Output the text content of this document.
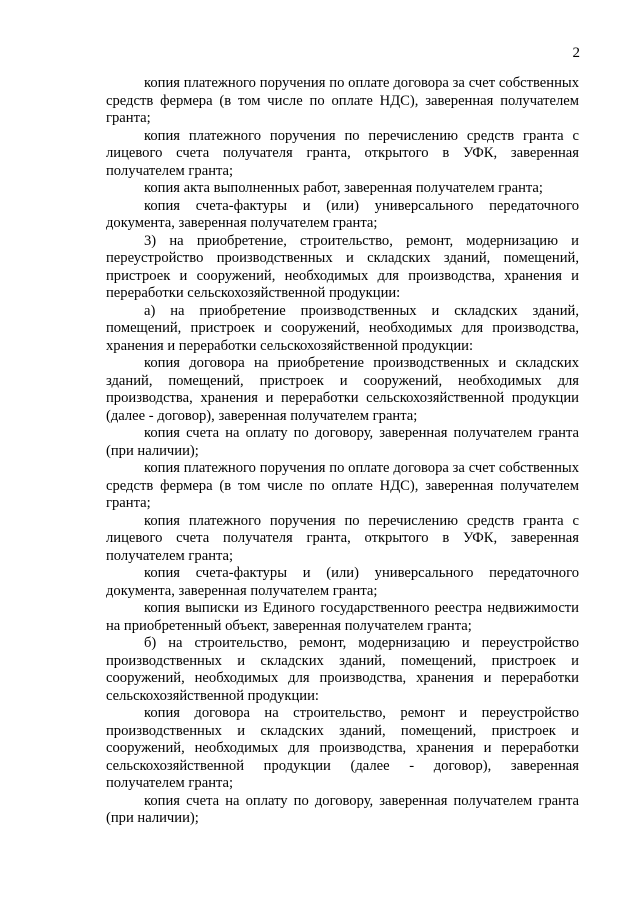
2

копия платежного поручения по оплате договора за счет собственных средств фермера (в том числе по оплате НДС), заверенная получателем гранта;

копия платежного поручения по перечислению средств гранта с лицевого счета получателя гранта, открытого в УФК, заверенная получателем гранта;

копия акта выполненных работ, заверенная получателем гранта;

копия счета-фактуры и (или) универсального передаточного документа, заверенная получателем гранта;

3) на приобретение, строительство, ремонт, модернизацию и переустройство производственных и складских зданий, помещений, пристроек и сооружений, необходимых для производства, хранения и переработки сельскохозяйственной продукции:

а) на приобретение производственных и складских зданий, помещений, пристроек и сооружений, необходимых для производства, хранения и переработки сельскохозяйственной продукции:

копия договора на приобретение производственных и складских зданий, помещений, пристроек и сооружений, необходимых для производства, хранения и переработки сельскохозяйственной продукции (далее - договор), заверенная получателем гранта;

копия счета на оплату по договору, заверенная получателем гранта (при наличии);

копия платежного поручения по оплате договора за счет собственных средств фермера (в том числе по оплате НДС), заверенная получателем гранта;

копия платежного поручения по перечислению средств гранта с лицевого счета получателя гранта, открытого в УФК, заверенная получателем гранта;

копия счета-фактуры и (или) универсального передаточного документа, заверенная получателем гранта;

копия выписки из Единого государственного реестра недвижимости на приобретенный объект, заверенная получателем гранта;

б) на строительство, ремонт, модернизацию и переустройство производственных и складских зданий, помещений, пристроек и сооружений, необходимых для производства, хранения и переработки сельскохозяйственной продукции:

копия договора на строительство, ремонт и переустройство производственных и складских зданий, помещений, пристроек и сооружений, необходимых для производства, хранения и переработки сельскохозяйственной продукции (далее - договор), заверенная получателем гранта;

копия счета на оплату по договору, заверенная получателем гранта (при наличии);
